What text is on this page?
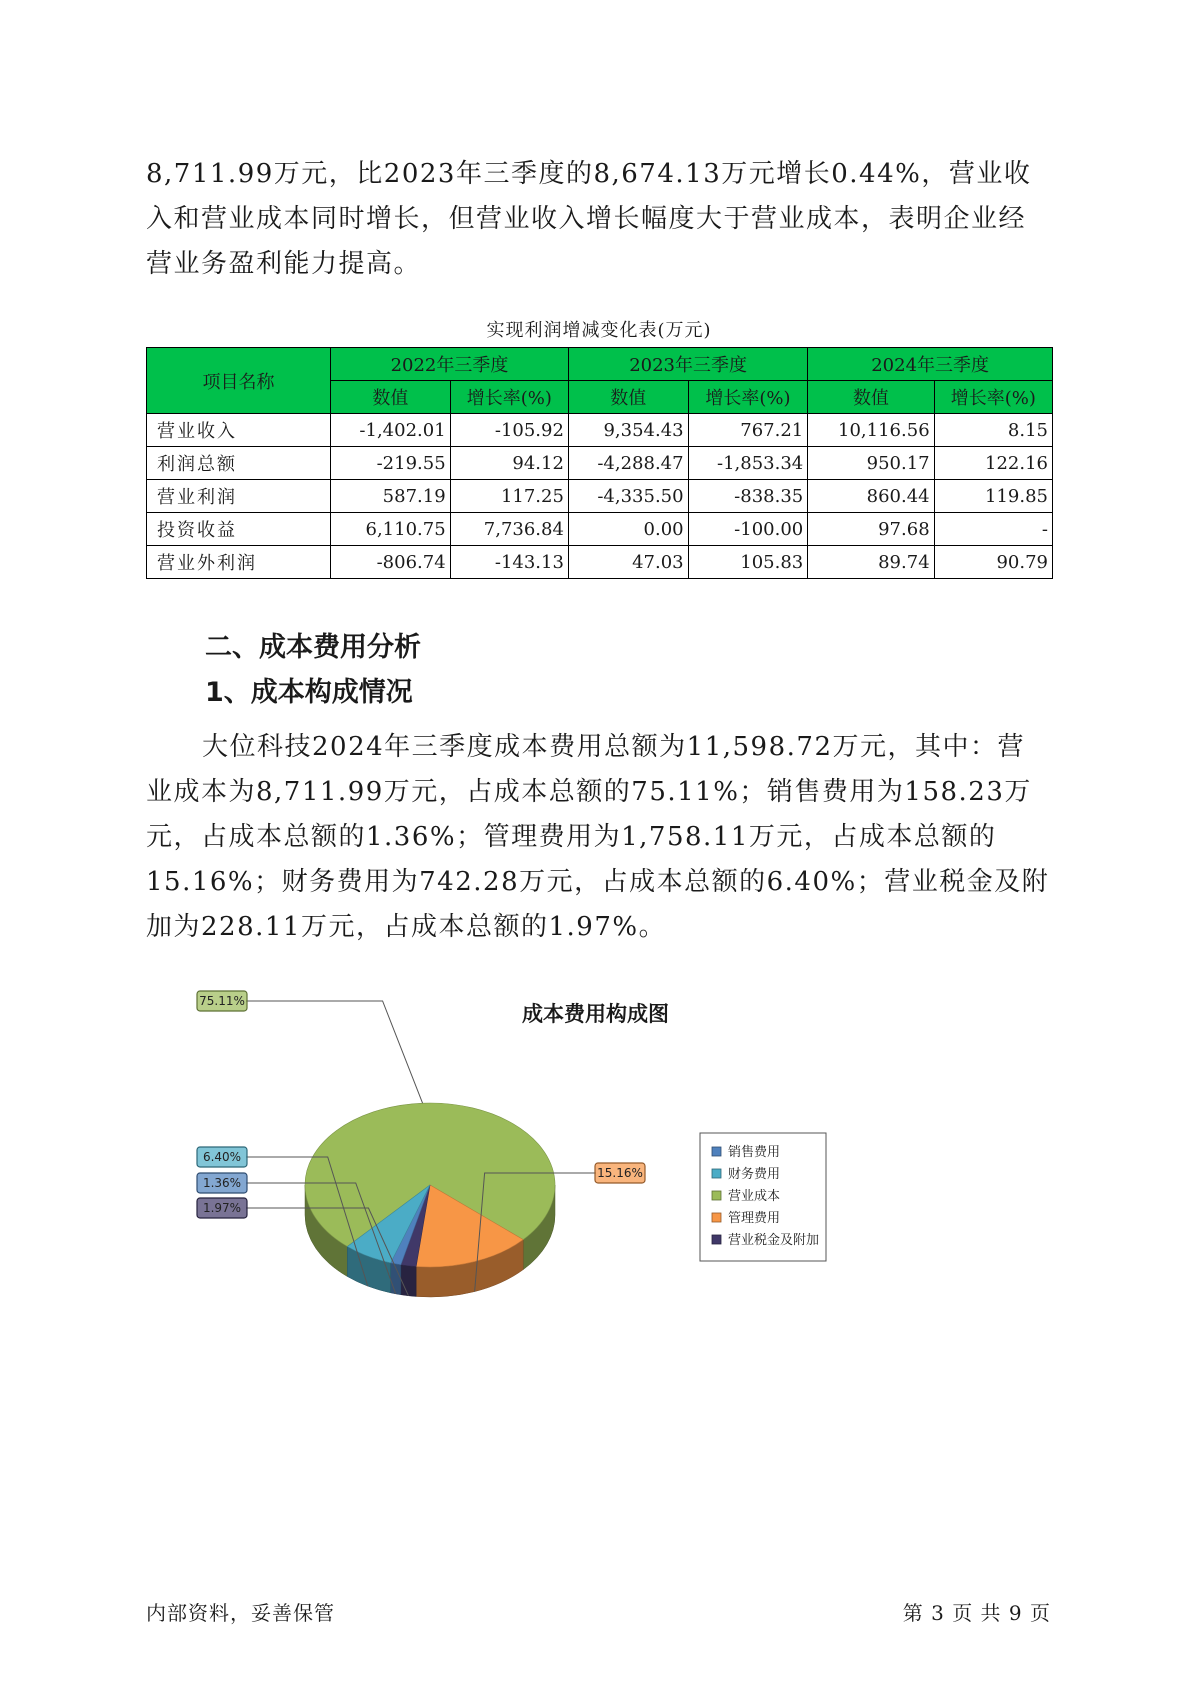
8,711.99万元，比2023年三季度的8,674.13万元增长0.44%，营业收入和营业成本同时增长，但营业收入增长幅度大于营业成本，表明企业经营业务盈利能力提高。
实现利润增减变化表(万元)
项目名称	2022年三季度		2023年三季度		2024年三季度	
	数值	增长率(%)	数值	增长率(%)	数值	增长率(%)
营业收入	-1,402.01	-105.92	9,354.43	767.21	10,116.56	8.15
利润总额	-219.55	94.12	-4,288.47	-1,853.34	950.17	122.16
营业利润	587.19	117.25	-4,335.50	-838.35	860.44	119.85
投资收益	6,110.75	7,736.84	0.00	-100.00	97.68	-
营业外利润	-806.74	-143.13	47.03	105.83	89.74	90.79
二、成本费用分析
1、成本构成情况
大位科技2024年三季度成本费用总额为11,598.72万元，其中：营业成本为8,711.99万元，占成本总额的75.11%；销售费用为158.23万元，占成本总额的1.36%；管理费用为1,758.11万元，占成本总额的15.16%；财务费用为742.28万元，占成本总额的6.40%；营业税金及附加为228.11万元，占成本总额的1.97%。
成本费用构成图
75.11%
15.16%
1.97%
1.36%
6.40%	销售费用
财务费用
营业成本
管理费用
营业税金及附加
内部资料，妥善保管	第 3 页 共 9 页
